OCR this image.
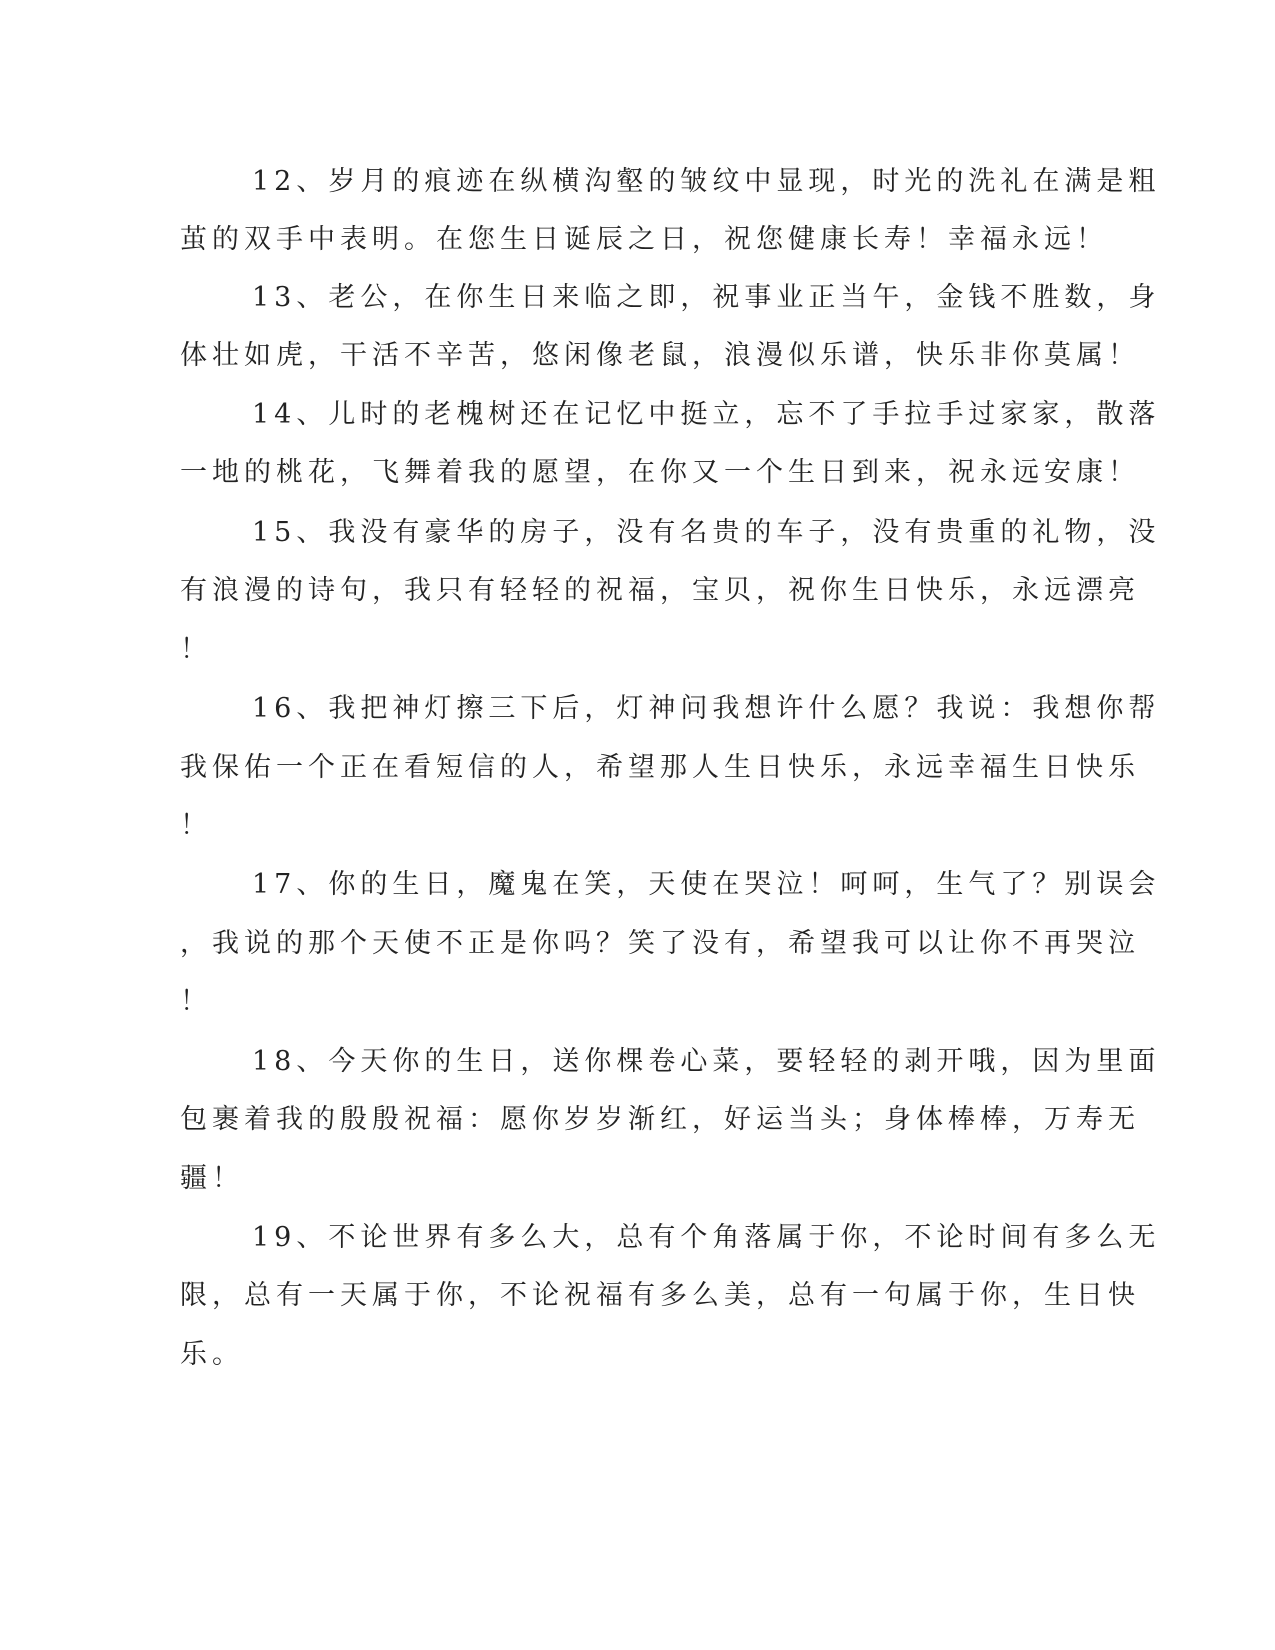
12、岁月的痕迹在纵横沟壑的皱纹中显现，时光的洗礼在满是粗

茧的双手中表明。在您生日诞辰之日，祝您健康长寿！幸福永远！

13、老公，在你生日来临之即，祝事业正当午，金钱不胜数，身

体壮如虎，干活不辛苦，悠闲像老鼠，浪漫似乐谱，快乐非你莫属！

14、儿时的老槐树还在记忆中挺立，忘不了手拉手过家家，散落

一地的桃花，飞舞着我的愿望，在你又一个生日到来，祝永远安康！

15、我没有豪华的房子，没有名贵的车子，没有贵重的礼物，没

有浪漫的诗句，我只有轻轻的祝福，宝贝，祝你生日快乐，永远漂亮

！

16、我把神灯擦三下后，灯神问我想许什么愿？我说：我想你帮

我保佑一个正在看短信的人，希望那人生日快乐，永远幸福生日快乐

！

17、你的生日，魔鬼在笑，天使在哭泣！呵呵，生气了？别误会

，我说的那个天使不正是你吗？笑了没有，希望我可以让你不再哭泣

！

18、今天你的生日，送你棵卷心菜，要轻轻的剥开哦，因为里面

包裹着我的殷殷祝福：愿你岁岁渐红，好运当头；身体棒棒，万寿无

疆！

19、不论世界有多么大，总有个角落属于你，不论时间有多么无

限，总有一天属于你，不论祝福有多么美，总有一句属于你，生日快

乐。
